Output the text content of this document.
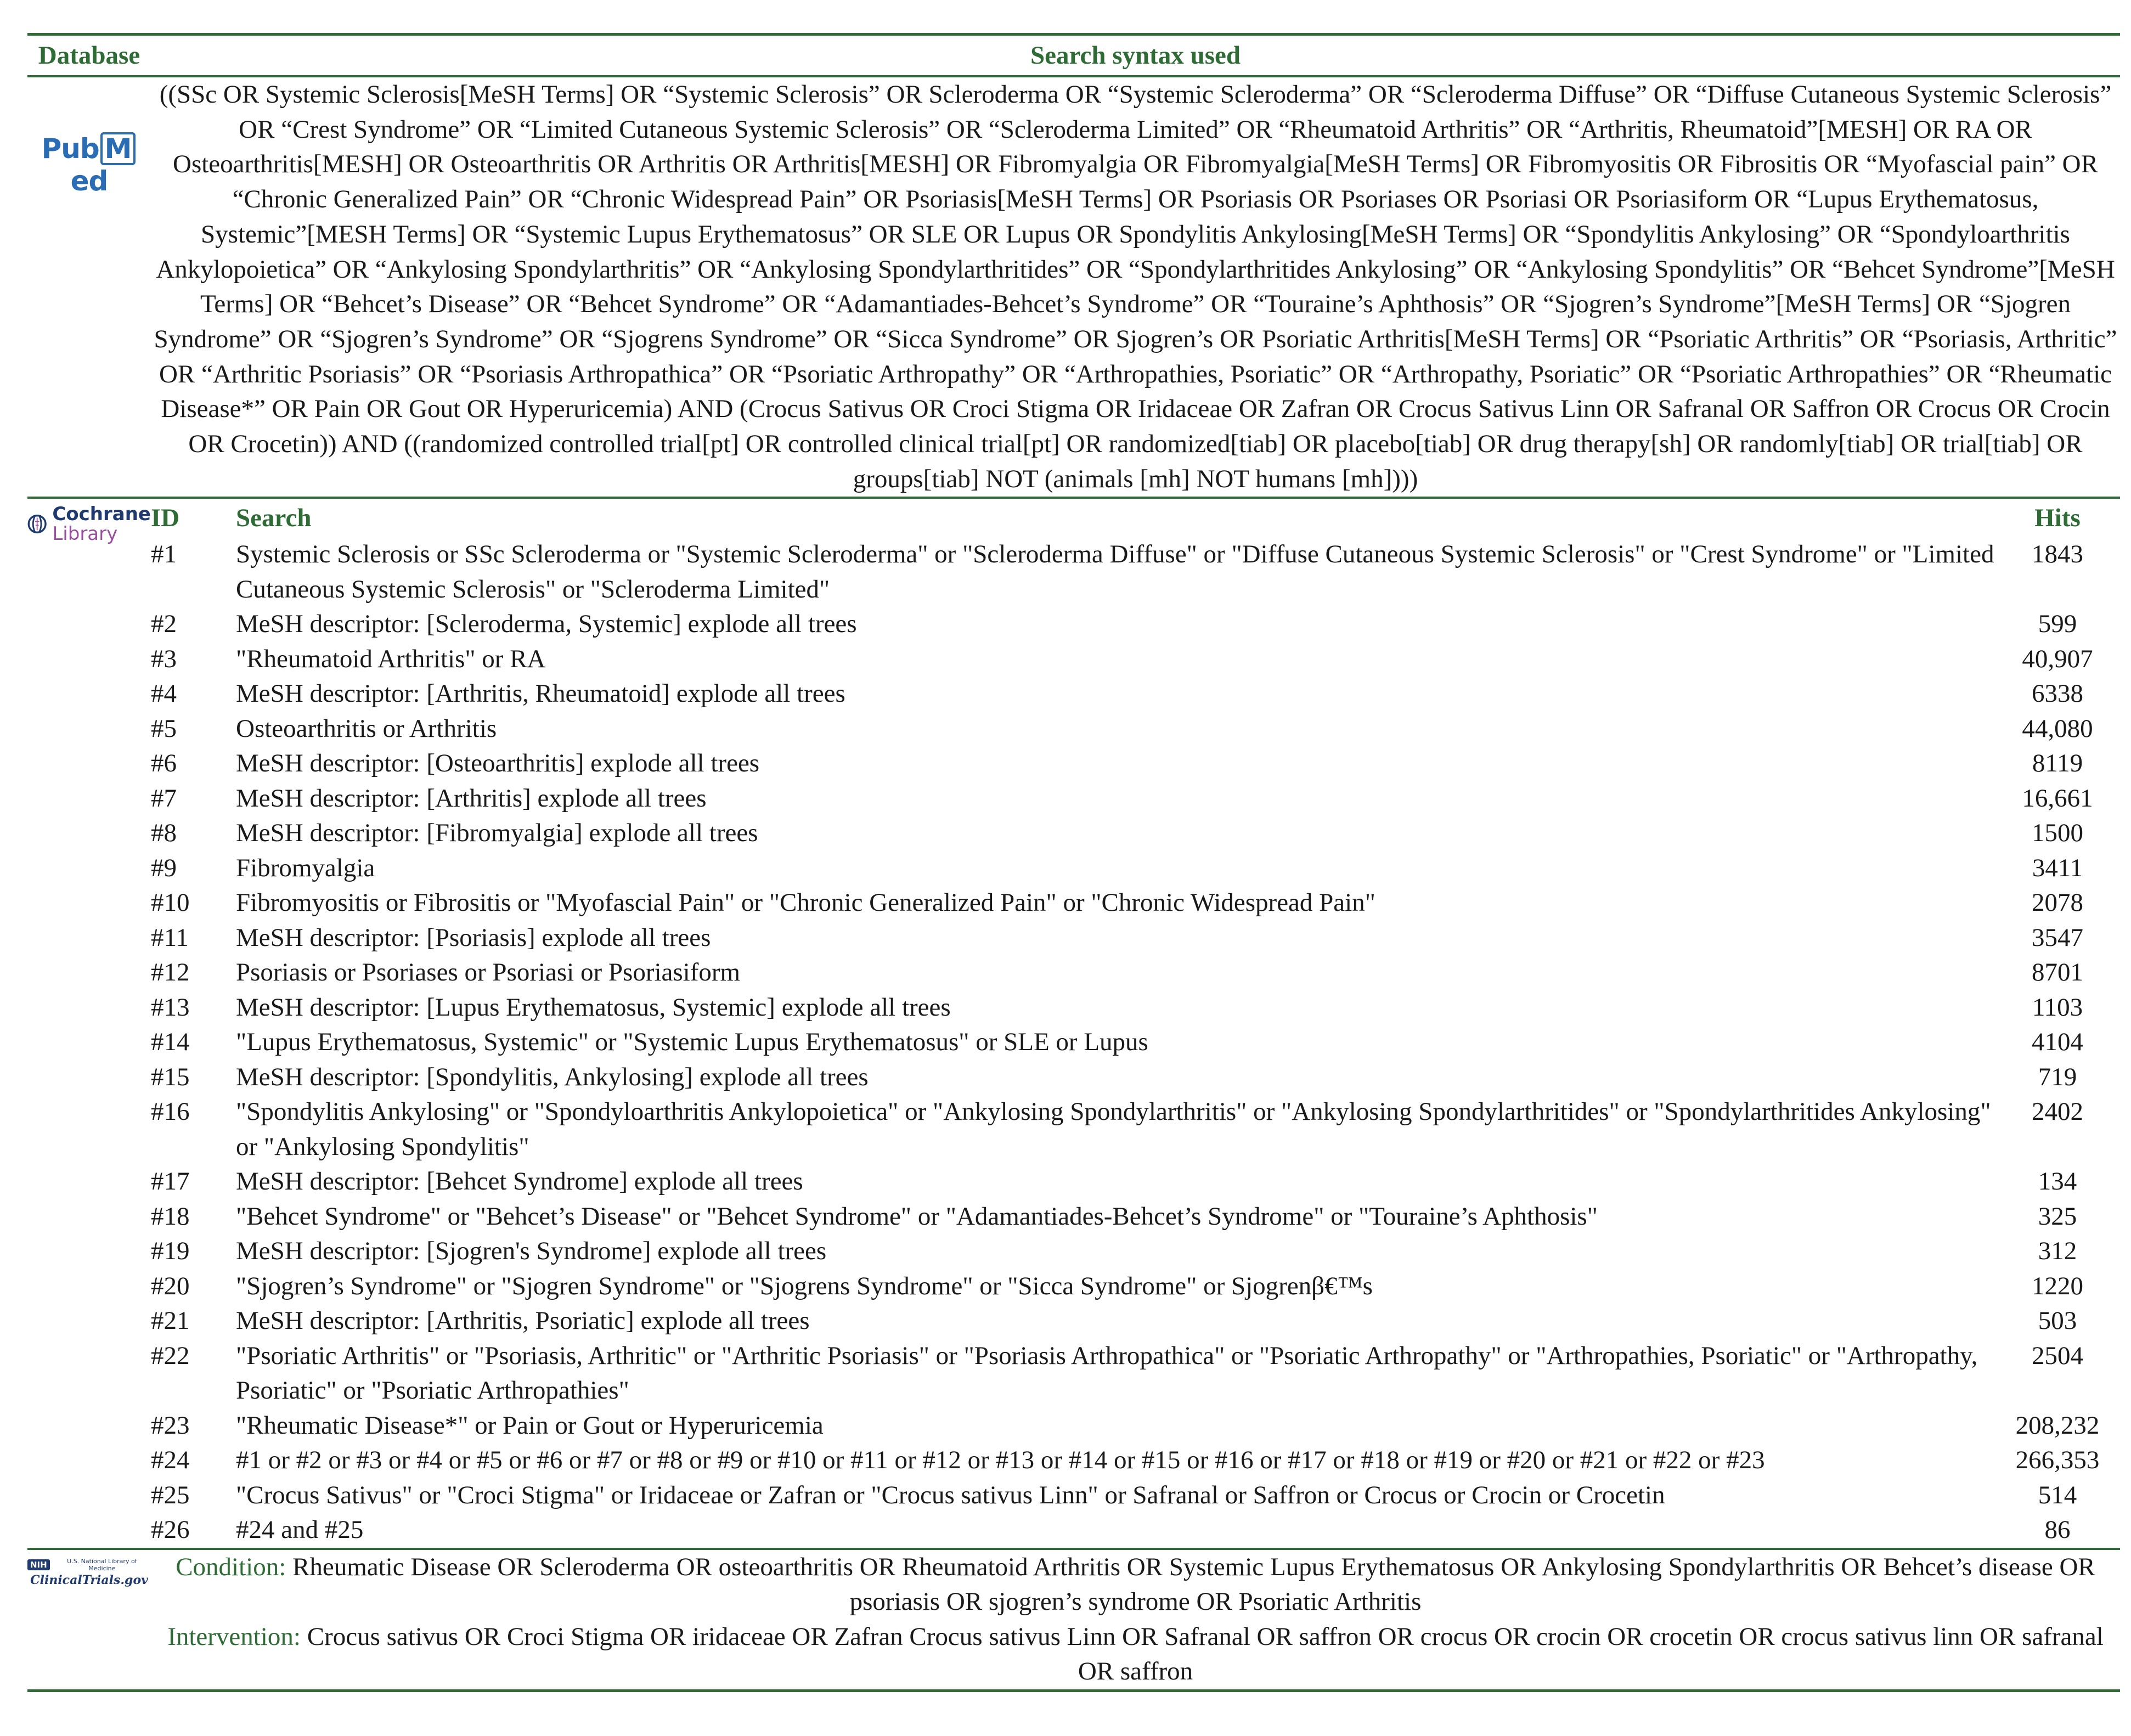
Database	Search syntax used
Pub Med	((SSc OR Systemic Sclerosis[MeSH Terms] OR “Systemic Sclerosis” OR Scleroderma OR “Systemic Scleroderma” OR “Scleroderma Diffuse” OR “Diffuse Cutaneous Systemic Sclerosis” OR “Crest Syndrome” OR “Limited Cutaneous Systemic Sclerosis” OR “Scleroderma Limited” OR “Rheumatoid Arthritis” OR “Arthritis, Rheumatoid”[MESH] OR RA OR Osteoarthritis[MESH] OR Osteoarthritis OR Arthritis OR Arthritis[MESH] OR Fibromyalgia OR Fibromyalgia[MeSH Terms] OR Fibromyositis OR Fibrositis OR “Myofascial pain” OR “Chronic Generalized Pain” OR “Chronic Widespread Pain” OR Psoriasis[MeSH Terms] OR Psoriasis OR Psoriases OR Psoriasi OR Psoriasiform OR “Lupus Erythematosus, Systemic”[MESH Terms] OR “Systemic Lupus Erythematosus” OR SLE OR Lupus OR Spondylitis Ankylosing[MeSH Terms] OR “Spondylitis Ankylosing” OR “Spondyloarthritis Ankylopoietica” OR “Ankylosing Spondylarthritis” OR “Ankylosing Spondylarthritides” OR “Spondylarthritides Ankylosing” OR “Ankylosing Spondylitis” OR “Behcet Syndrome”[MeSH Terms] OR “Behcet’s Disease” OR “Behcet Syndrome” OR “Adamantiades-Behcet’s Syndrome” OR “Touraine’s Aphthosis” OR “Sjogren’s Syndrome”[MeSH Terms] OR “Sjogren Syndrome” OR “Sjogren’s Syndrome” OR “Sjogrens Syndrome” OR “Sicca Syndrome” OR Sjogren’s OR Psoriatic Arthritis[MeSH Terms] OR “Psoriatic Arthritis” OR “Psoriasis, Arthritic” OR “Arthritic Psoriasis” OR “Psoriasis Arthropathica” OR “Psoriatic Arthropathy” OR “Arthropathies, Psoriatic” OR “Arthropathy, Psoriatic” OR “Psoriatic Arthropathies” OR “Rheumatic Disease*” OR Pain OR Gout OR Hyperuricemia) AND (Crocus Sativus OR Croci Stigma OR Iridaceae OR Zafran OR Crocus Sativus Linn OR Safranal OR Saffron OR Crocus OR Crocin OR Crocetin)) AND ((randomized controlled trial[pt] OR controlled clinical trial[pt] OR randomized[tiab] OR placebo[tiab] OR drug therapy[sh] OR randomly[tiab] OR trial[tiab] OR groups[tiab] NOT (animals [mh] NOT humans [mh])))

Cochrane
Library

ID	Search	Hits
#1	Systemic Sclerosis or SSc Scleroderma or "Systemic Scleroderma" or "Scleroderma Diffuse" or "Diffuse Cutaneous Systemic Sclerosis" or "Crest Syndrome" or "Limited Cutaneous Systemic Sclerosis" or "Scleroderma Limited"	1843
#2	MeSH descriptor: [Scleroderma, Systemic] explode all trees	599
#3	"Rheumatoid Arthritis" or RA	40,907
#4	MeSH descriptor: [Arthritis, Rheumatoid] explode all trees	6338
#5	Osteoarthritis or Arthritis	44,080
#6	MeSH descriptor: [Osteoarthritis] explode all trees	8119
#7	MeSH descriptor: [Arthritis] explode all trees	16,661
#8	MeSH descriptor: [Fibromyalgia] explode all trees	1500
#9	Fibromyalgia	3411
#10	Fibromyositis or Fibrositis or "Myofascial Pain" or "Chronic Generalized Pain" or "Chronic Widespread Pain"	2078
#11	MeSH descriptor: [Psoriasis] explode all trees	3547
#12	Psoriasis or Psoriases or Psoriasi or Psoriasiform	8701
#13	MeSH descriptor: [Lupus Erythematosus, Systemic] explode all trees	1103
#14	"Lupus Erythematosus, Systemic" or "Systemic Lupus Erythematosus" or SLE or Lupus	4104
#15	MeSH descriptor: [Spondylitis, Ankylosing] explode all trees	719
#16	"Spondylitis Ankylosing" or "Spondyloarthritis Ankylopoietica" or "Ankylosing Spondylarthritis" or "Ankylosing Spondylarthritides" or "Spondylarthritides Ankylosing" or "Ankylosing Spondylitis"	2402
#17	MeSH descriptor: [Behcet Syndrome] explode all trees	134
#18	"Behcet Syndrome" or "Behcet’s Disease" or "Behcet Syndrome" or "Adamantiades-Behcet’s Syndrome" or "Touraine’s Aphthosis"	325
#19	MeSH descriptor: [Sjogren's Syndrome] explode all trees	312
#20	"Sjogren’s Syndrome" or "Sjogren Syndrome" or "Sjogrens Syndrome" or "Sicca Syndrome" or Sjogrenβ€™s	1220
#21	MeSH descriptor: [Arthritis, Psoriatic] explode all trees	503
#22	"Psoriatic Arthritis" or "Psoriasis, Arthritic" or "Arthritic Psoriasis" or "Psoriasis Arthropathica" or "Psoriatic Arthropathy" or "Arthropathies, Psoriatic" or "Arthropathy, Psoriatic" or "Psoriatic Arthropathies"	2504
#23	"Rheumatic Disease*" or Pain or Gout or Hyperuricemia	208,232
#24	#1 or #2 or #3 or #4 or #5 or #6 or #7 or #8 or #9 or #10 or #11 or #12 or #13 or #14 or #15 or #16 or #17 or #18 or #19 or #20 or #21 or #22 or #23	266,353
#25	"Crocus Sativus" or "Croci Stigma" or Iridaceae or Zafran or "Crocus sativus Linn" or Safranal or Saffron or Crocus or Crocin or Crocetin	514
#26	#24 and #25	86

NIH	U.S. National Library of Medicine
ClinicalTrials.gov	Condition: Rheumatic Disease OR Scleroderma OR osteoarthritis OR Rheumatoid Arthritis OR Systemic Lupus Erythematosus OR Ankylosing Spondylarthritis OR Behcet’s disease OR psoriasis OR sjogren’s syndrome OR Psoriatic Arthritis
Intervention: Crocus sativus OR Croci Stigma OR iridaceae OR Zafran Crocus sativus Linn OR Safranal OR saffron OR crocus OR crocin OR crocetin OR crocus sativus linn OR safranal OR saffron
